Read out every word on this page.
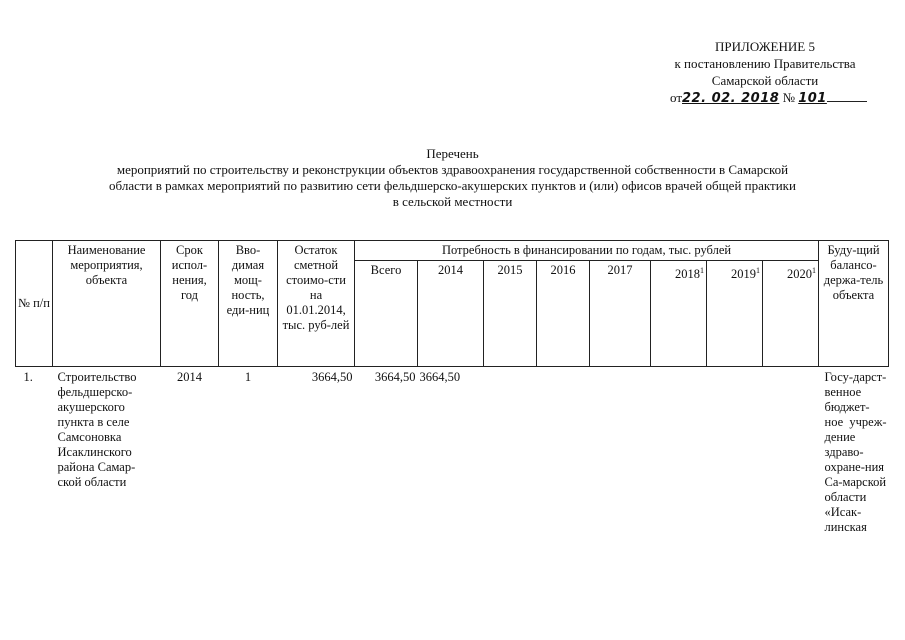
ПРИЛОЖЕНИЕ 5
к постановлению Правительства
Самарской области
от22. 02. 2018 № 101
Перечень
мероприятий по строительству и реконструкции объектов здравоохранения государственной собственности в Самарской
области в рамках мероприятий по развитию сети фельдшерско-акушерских пунктов и (или) офисов врачей общей практики
в сельской местности
№ п/п	Наименование мероприятия, объекта	Срок испол-нения, год	Вво-димая мощ-ность, еди-ниц	Остаток сметной стоимо-сти на 01.01.2014, тыс. руб-лей	Потребность в финансировании по годам, тыс. рублей								Буду-щий балансо-держа-тель объекта
					Всего	2014	2015	2016	2017	2018$^1$	2019$^1$	2020$^1$
1.	Строительство фельдшерско-акушерского пункта в селе Самсоновка Исаклинского района Самар-ской области	2014	1	3664,50	3664,50	3664,50							Госу-дарст-венное бюджет-ное учреж-дение здраво-охране-ния Са-марской области «Исак-линская
